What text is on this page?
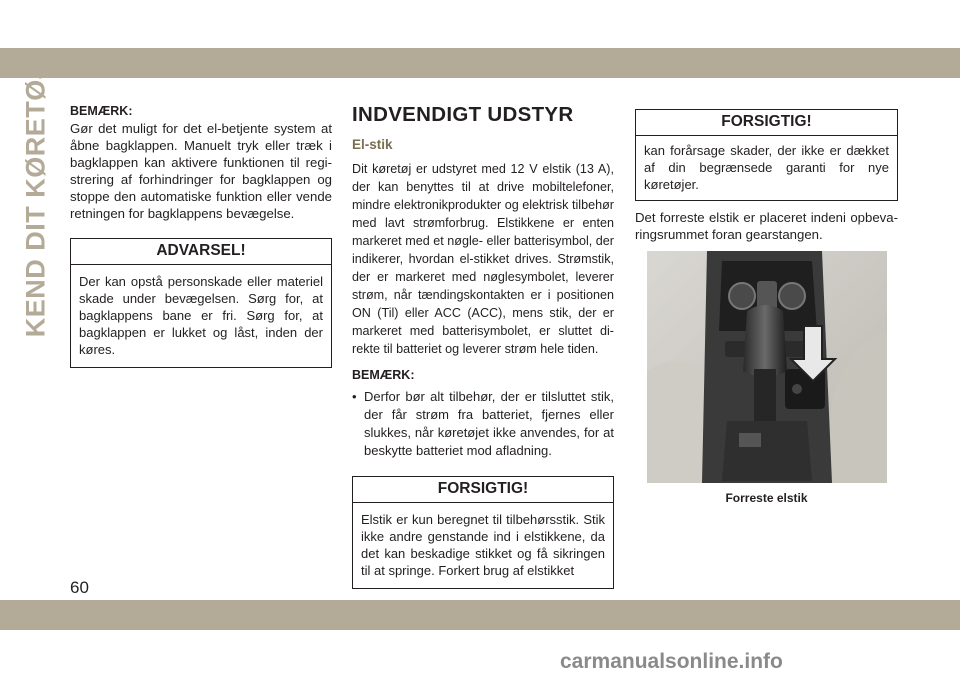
KEND DIT KØRETØJ BEMÆRK:

Gør det muligt for det el-betjente system at åbne bagklappen. Manuelt tryk eller træk i bagklappen kan aktivere funktionen til registrering af forhindringer for bagklappen og stoppe den automatiske funktion eller vende retningen for bagklappens bevægelse.

ADVARSEL!
Der kan opstå personskade eller materiel skade under bevægelsen. Sørg for, at bagklappens bane er fri. Sørg for, at bagklappen er lukket og låst, inden der køres.
INDVENDIGT UDSTYR
El-stik

Dit køretøj er udstyret med 12 V elstik (13 A), der kan benyttes til at drive mobiltelefoner, mindre elektronikprodukter og elektrisk tilbehør med lavt strømforbrug. Elstikkene er enten markeret med et nøgle- eller batterisymbol, der indikerer, hvordan el-stikket drives. Strømstik, der er markeret med nøglesymbolet, leverer strøm, når tændingskontakten er i positionen ON (Til) eller ACC (ACC), mens stik, der er markeret med batterisymbolet, er sluttet direkte til batteriet og leverer strøm hele tiden.

BEMÆRK:
• Derfor bør alt tilbehør, der er tilsluttet stik, der får strøm fra batteriet, fjernes eller slukkes, når køretøjet ikke anvendes, for at beskytte batteriet mod afladning.
FORSIGTIG!
Elstik er kun beregnet til tilbehørsstik. Stik ikke andre genstande ind i elstikkene, da det kan beskadige stikket og få sikringen til at springe. Forkert brug af elstikket
FORSIGTIG!
kan forårsage skader, der ikke er dækket af din begrænsede garanti for nye køretøjer.

Det forreste elstik er placeret indeni opbevaringsrummet foran gearstangen.

Forreste elstik
60
carmanualsonline.info
